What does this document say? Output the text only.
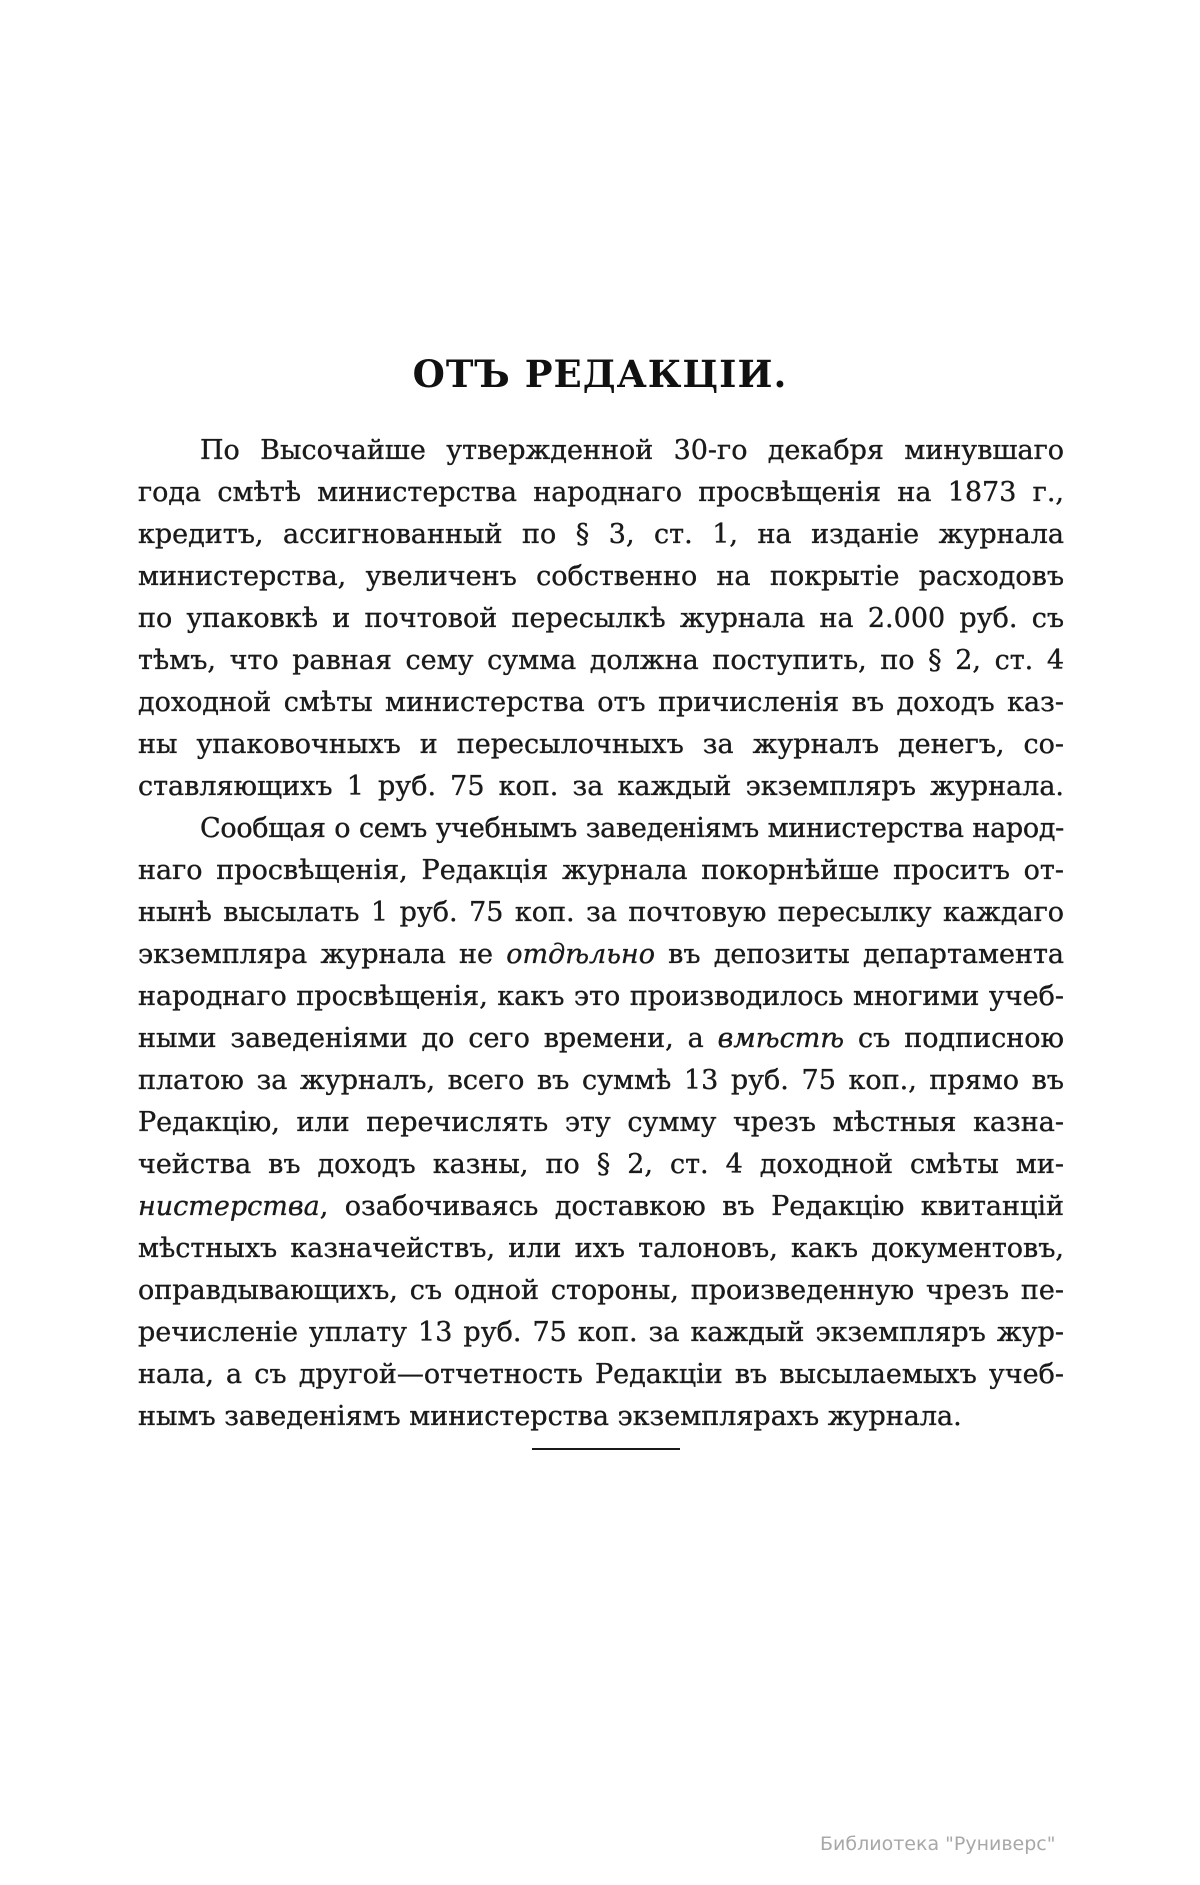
ОТЪ РЕДАКЦІИ.
По Высочайше утвержденной 30-го декабря минувшаго
года смѣтѣ министерства народнаго просвѣщенія на 1873 г.,
кредитъ, ассигнованный по § 3, ст. 1, на изданіе журнала
министерства, увеличенъ собственно на покрытіе расходовъ
по упаковкѣ и почтовой пересылкѣ журнала на 2.000 руб. съ
тѣмъ, что равная сему сумма должна поступить, по § 2, ст. 4
доходной смѣты министерства отъ причисленія въ доходъ каз-
ны упаковочныхъ и пересылочныхъ за журналъ денегъ, со-
ставляющихъ 1 руб. 75 коп. за каждый экземпляръ журнала.
Сообщая о семъ учебнымъ заведеніямъ министерства народ-
наго просвѣщенія, Редакція журнала покорнѣйше проситъ от-
нынѣ высылать 1 руб. 75 коп. за почтовую пересылку каждаго
экземпляра журнала не отдѣльно въ депозиты департамента
народнаго просвѣщенія, какъ это производилось многими учеб-
ными заведеніями до сего времени, а вмѣстѣ съ подписною
платою за журналъ, всего въ суммѣ 13 руб. 75 коп., прямо въ
Редакцію, или перечислять эту сумму чрезъ мѣстныя казна-
чейства въ доходъ казны, по § 2, ст. 4 доходной смѣты ми-
нистерства, озабочиваясь доставкою въ Редакцію квитанцій
мѣстныхъ казначействъ, или ихъ талоновъ, какъ документовъ,
оправдывающихъ, съ одной стороны, произведенную чрезъ пе-
речисленіе уплату 13 руб. 75 коп. за каждый экземпляръ жур-
нала, а съ другой—отчетность Редакціи въ высылаемыхъ учеб-
нымъ заведеніямъ министерства экземплярахъ журнала.
Библиотека "Руниверс"
